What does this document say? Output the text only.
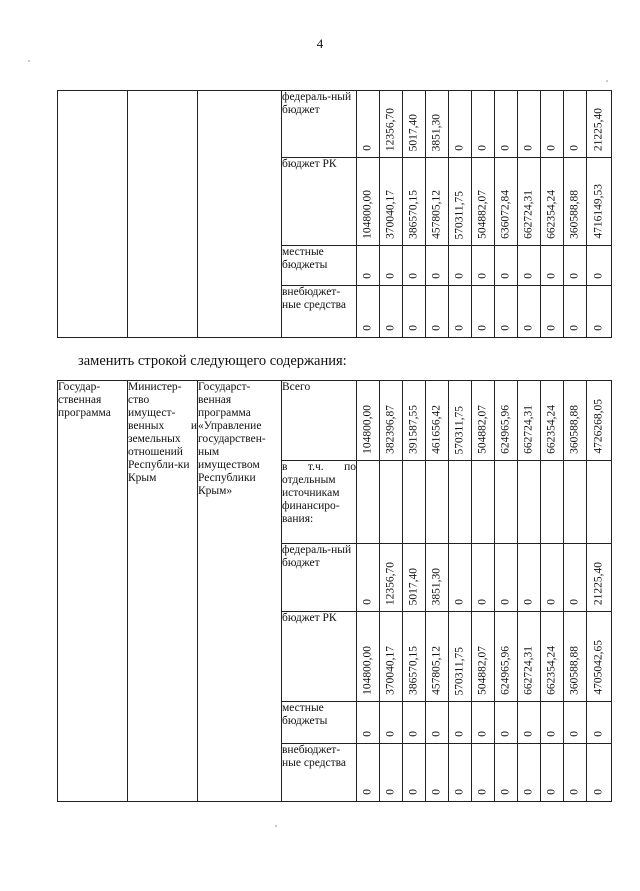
4
			федераль-ный бюджет	0	12356,70	5017,40	3851,30	0	0	0	0	0	0	21225,40

			бюджет РК	104800,00	370040,17	386570,15	457805,12	570311,75	504882,07	636072,84	662724,31	662354,24	360588,88	4716149,53

			местные бюджеты	0	0	0	0	0	0	0	0	0	0	0

			внебюджет-ные средства	0	0	0	0	0	0	0	0	0	0	0
заменить строкой следующего содержания:
Государ-ственная программа	Министер-ство имущест-венных и земельных отношений Республи-ки Крым	Государст-венная программа «Управление государствен-ным имуществом Республики Крым»	Всего	104800,00	382396,87	391587,55	461656,42	570311,75	504882,07	624965,96	662724,31	662354,24	360588,88	4726268,05

			в т.ч. по отдельным источникам финансиро-вания:	

			федераль-ный бюджет	0	12356,70	5017,40	3851,30	0	0	0	0	0	0	21225,40

			бюджет РК	104800,00	370040,17	386570,15	457805,12	570311,75	504882,07	624965,96	662724,31	662354,24	360588,88	4705042,65

			местные бюджеты	0	0	0	0	0	0	0	0	0	0	0

			внебюджет-ные средства	0	0	0	0	0	0	0	0	0	0	0
